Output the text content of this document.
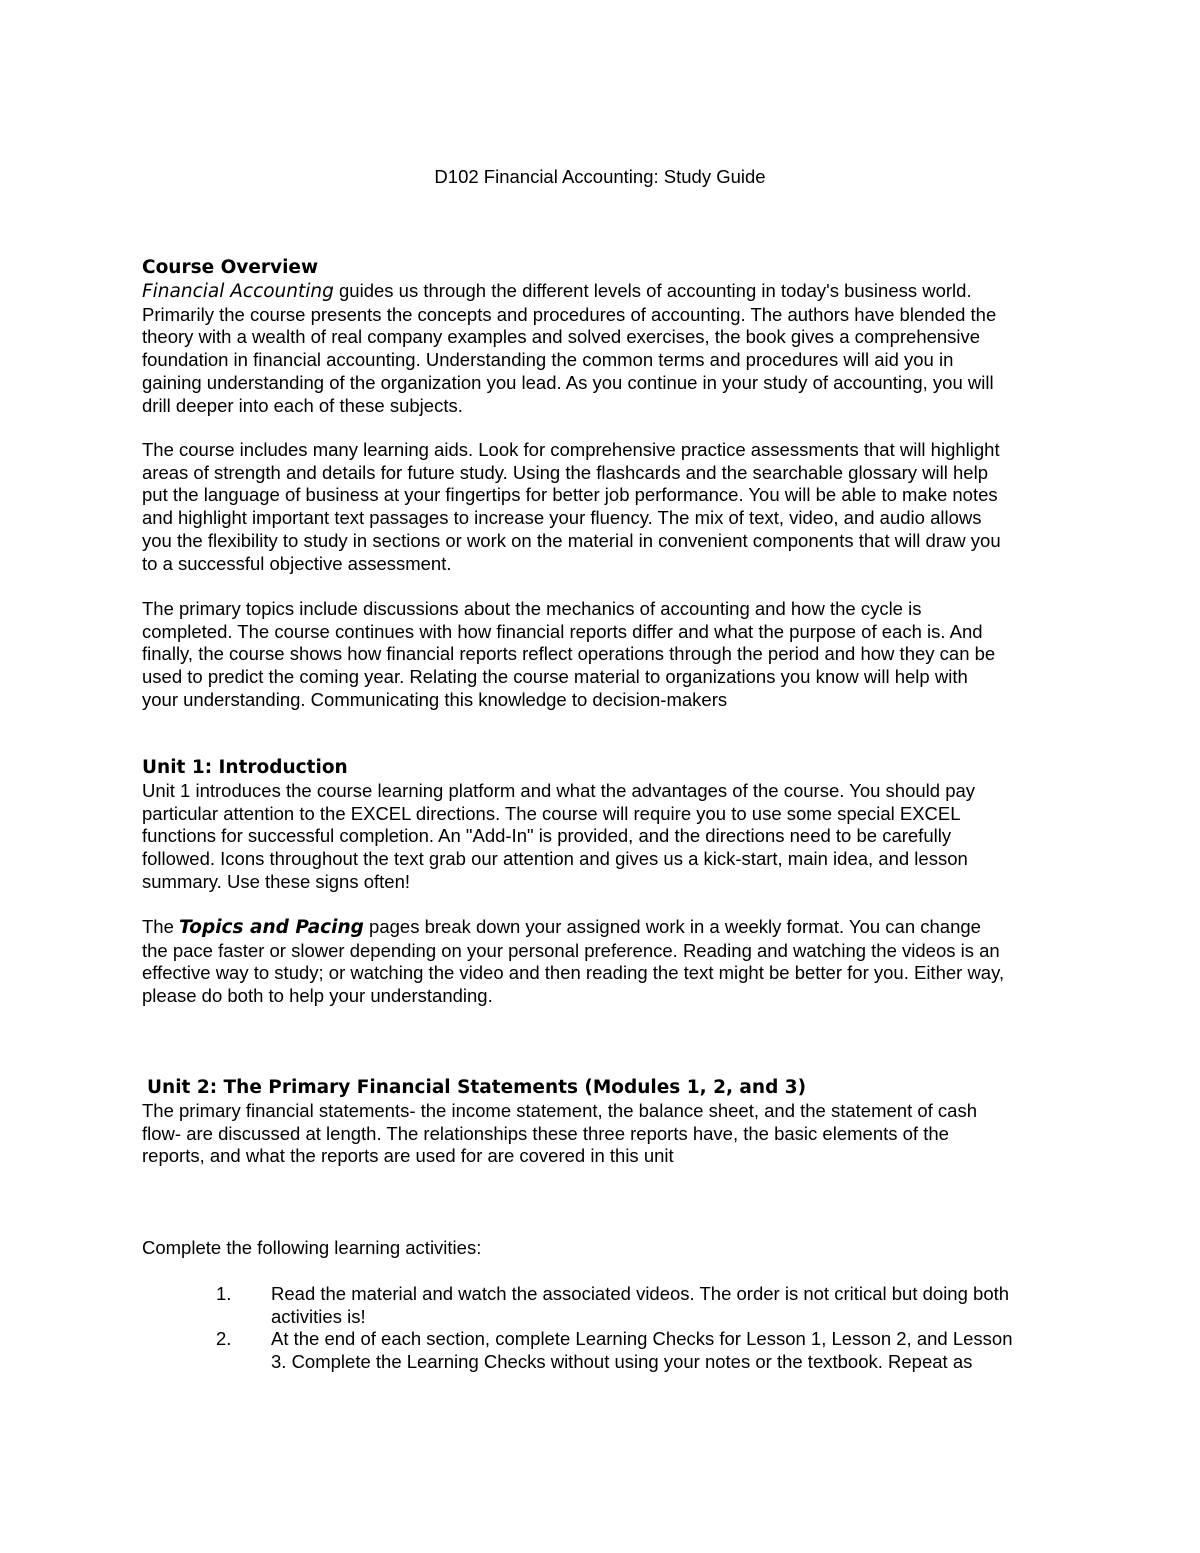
D102 Financial Accounting: Study Guide
Course Overview
Financial Accounting guides us through the different levels of accounting in today's business world.
Primarily the course presents the concepts and procedures of accounting. The authors have blended the
theory with a wealth of real company examples and solved exercises, the book gives a comprehensive
foundation in financial accounting. Understanding the common terms and procedures will aid you in
gaining understanding of the organization you lead. As you continue in your study of accounting, you will
drill deeper into each of these subjects.
The course includes many learning aids. Look for comprehensive practice assessments that will highlight
areas of strength and details for future study. Using the flashcards and the searchable glossary will help
put the language of business at your fingertips for better job performance. You will be able to make notes
and highlight important text passages to increase your fluency. The mix of text, video, and audio allows
you the flexibility to study in sections or work on the material in convenient components that will draw you
to a successful objective assessment.
The primary topics include discussions about the mechanics of accounting and how the cycle is
completed. The course continues with how financial reports differ and what the purpose of each is. And
finally, the course shows how financial reports reflect operations through the period and how they can be
used to predict the coming year. Relating the course material to organizations you know will help with
your understanding. Communicating this knowledge to decision-makers
Unit 1: Introduction
Unit 1 introduces the course learning platform and what the advantages of the course. You should pay
particular attention to the EXCEL directions. The course will require you to use some special EXCEL
functions for successful completion. An "Add-In" is provided, and the directions need to be carefully
followed. Icons throughout the text grab our attention and gives us a kick-start, main idea, and lesson
summary. Use these signs often!
The Topics and Pacing pages break down your assigned work in a weekly format. You can change
the pace faster or slower depending on your personal preference. Reading and watching the videos is an
effective way to study; or watching the video and then reading the text might be better for you. Either way,
please do both to help your understanding.
Unit 2: The Primary Financial Statements (Modules 1, 2, and 3)
The primary financial statements- the income statement, the balance sheet, and the statement of cash
flow- are discussed at length. The relationships these three reports have, the basic elements of the
reports, and what the reports are used for are covered in this unit
Complete the following learning activities:
1. Read the material and watch the associated videos. The order is not critical but doing both
activities is!
2. At the end of each section, complete Learning Checks for Lesson 1, Lesson 2, and Lesson
3. Complete the Learning Checks without using your notes or the textbook. Repeat as
